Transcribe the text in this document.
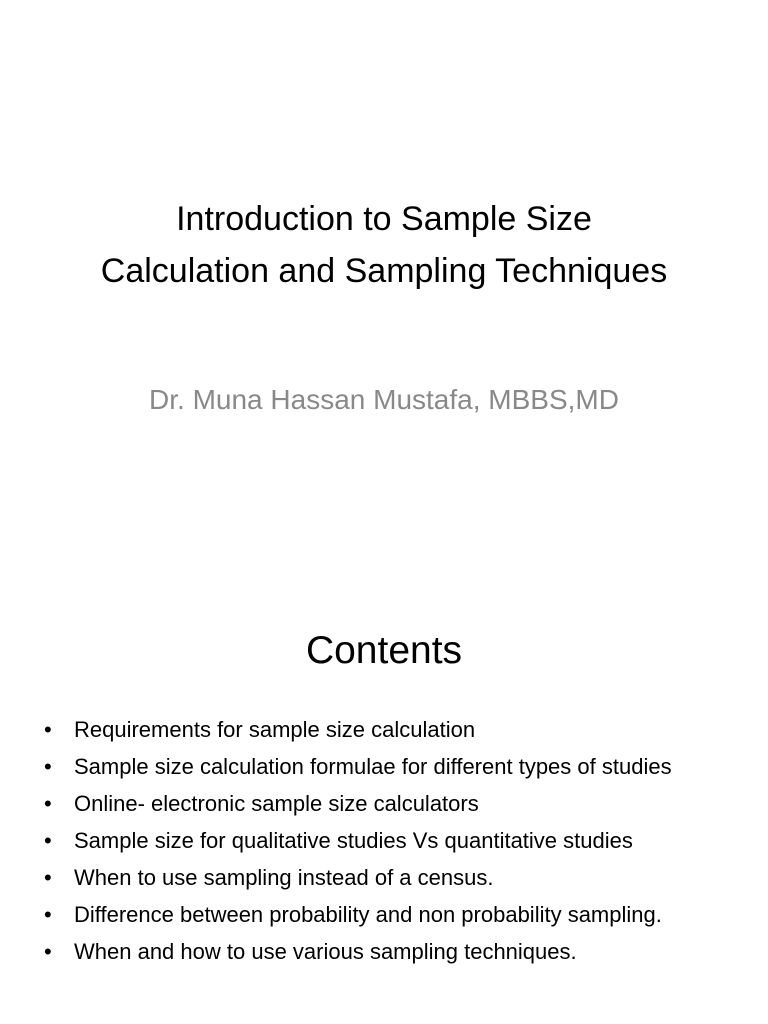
Introduction to Sample Size
Calculation and Sampling Techniques
Dr. Muna Hassan Mustafa, MBBS,MD
Contents
• Requirements for sample size calculation
• Sample size calculation formulae for different types of studies
• Online- electronic sample size calculators
• Sample size for qualitative studies Vs quantitative studies
• When to use sampling instead of a census.
• Difference between probability and non probability sampling.
• When and how to use various sampling techniques.
